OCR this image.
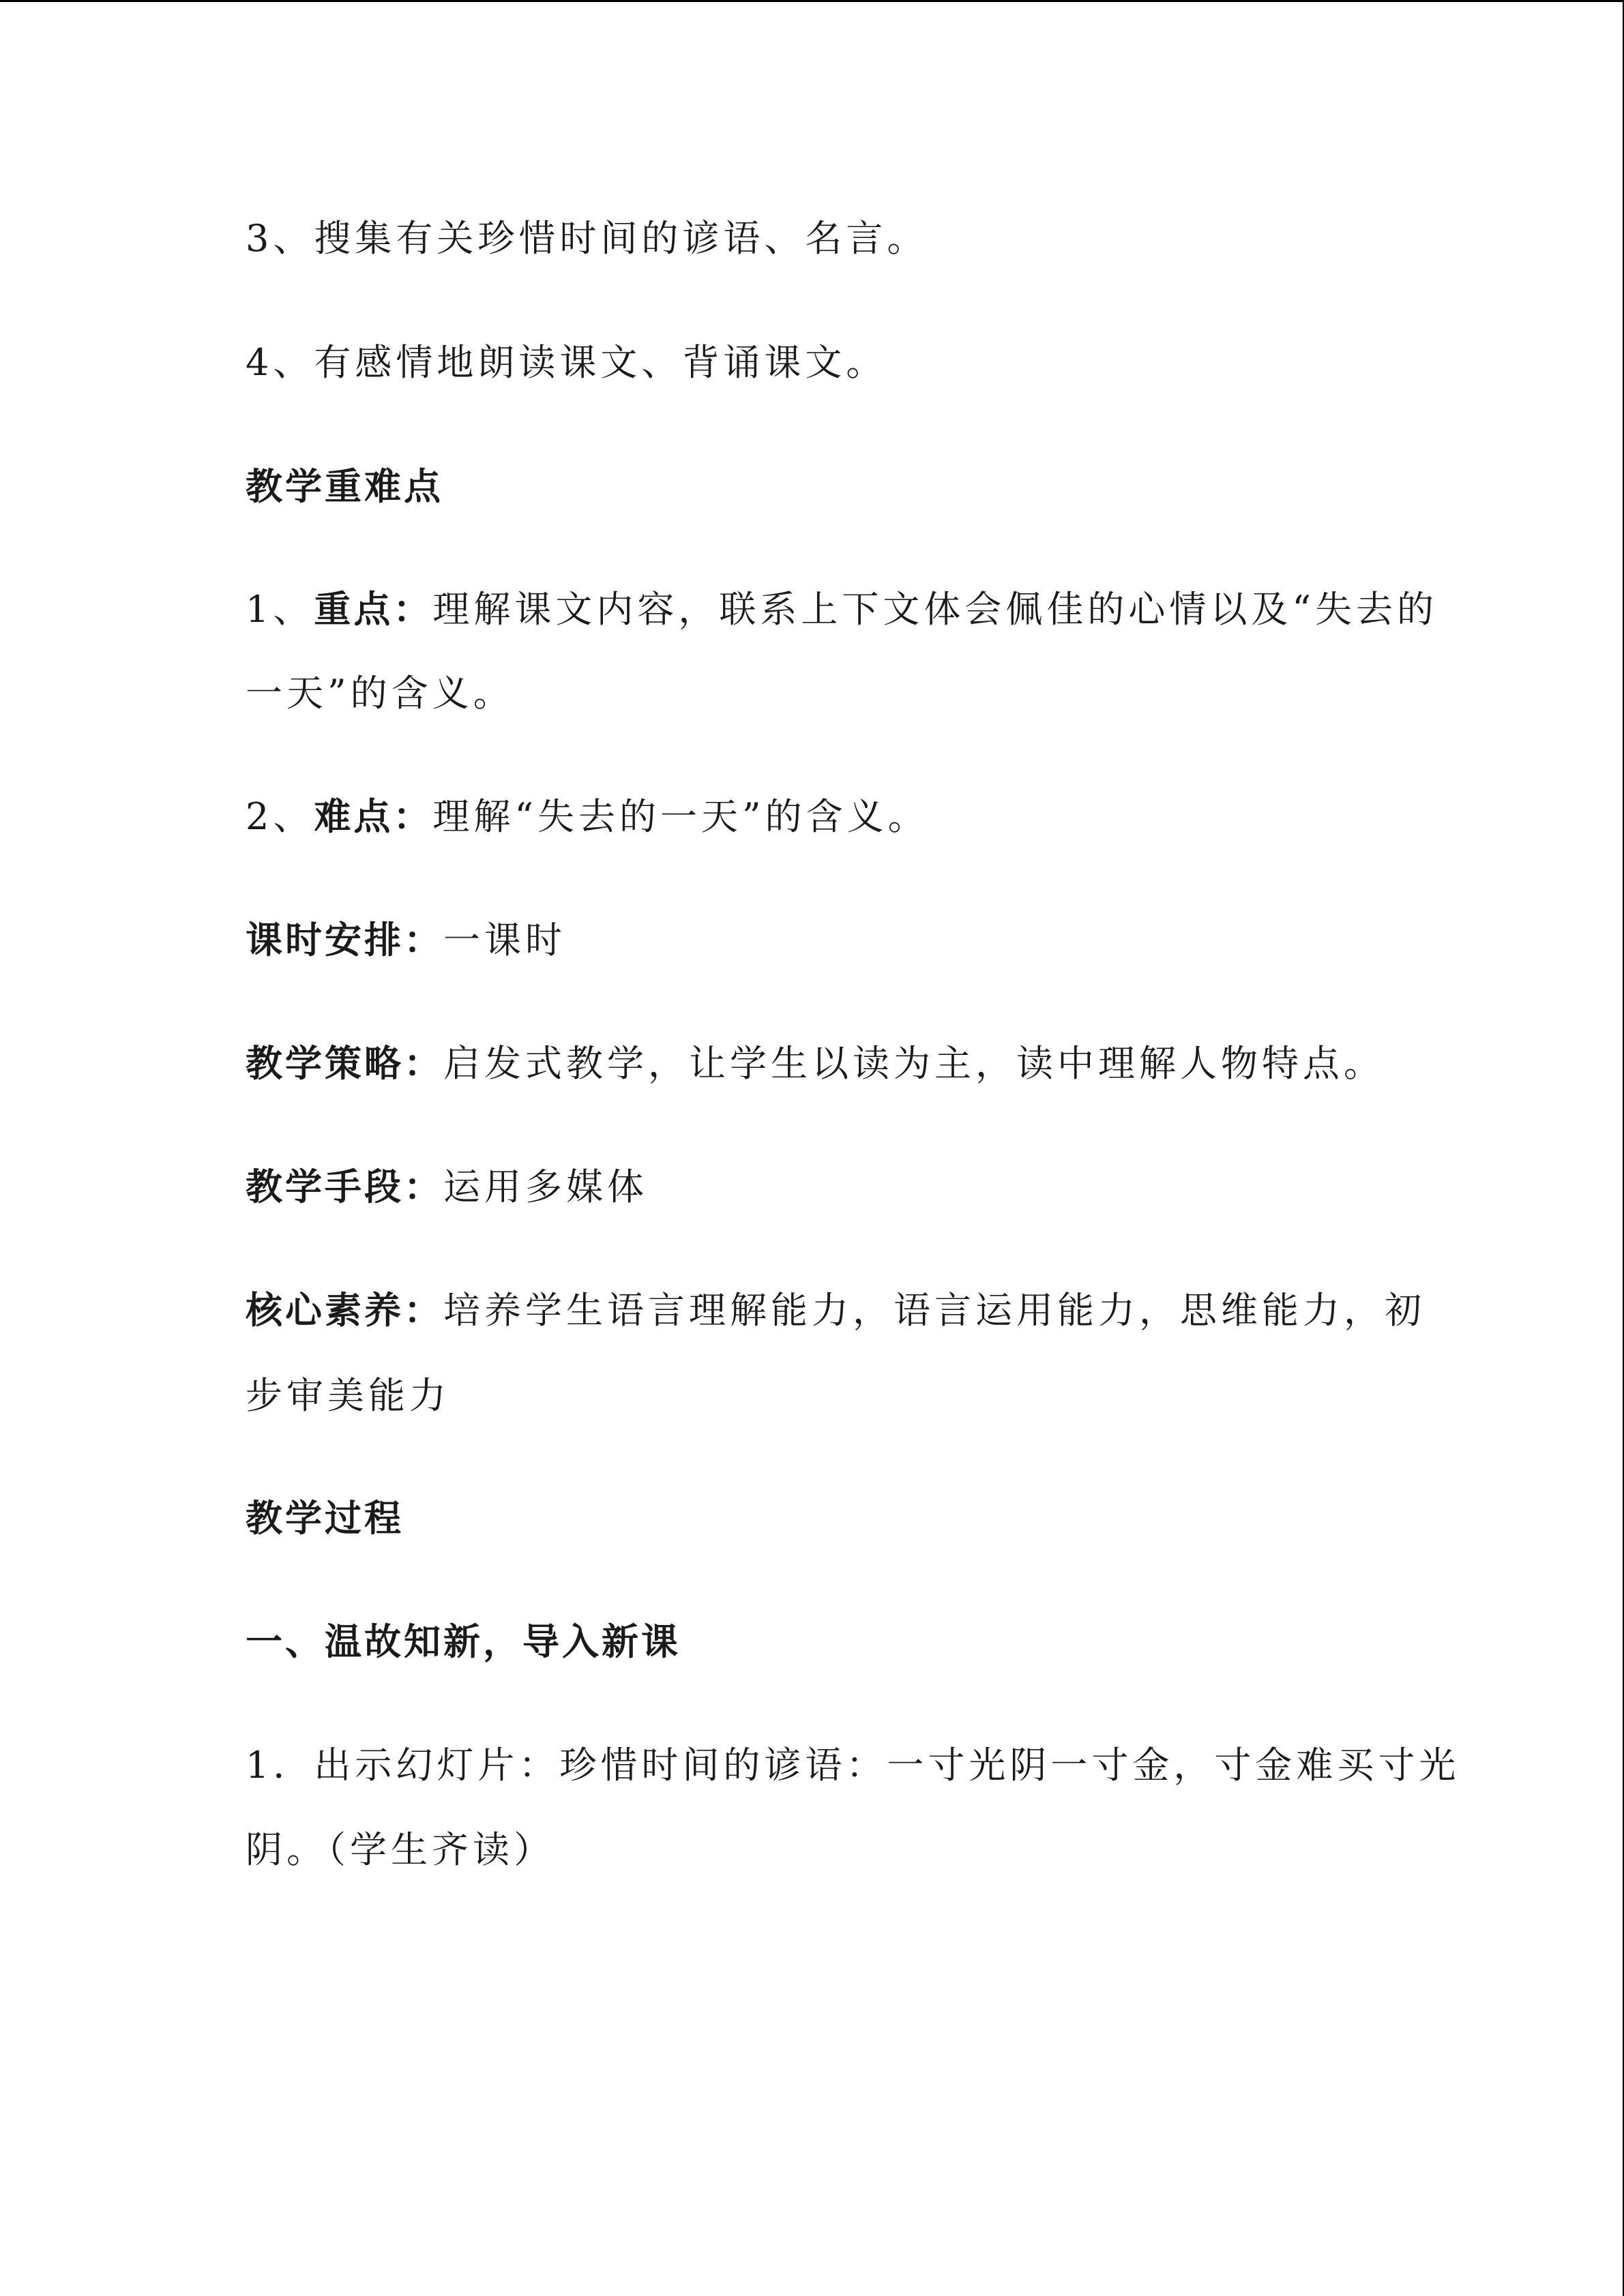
3、搜集有关珍惜时间的谚语、名言。
4、有感情地朗读课文、背诵课文。
教学重难点
1、重点：理解课文内容，联系上下文体会佩佳的心情以及“失去的
一天”的含义。
2、难点：理解“失去的一天”的含义。
课时安排：一课时
教学策略：启发式教学，让学生以读为主，读中理解人物特点。
教学手段：运用多媒体
核心素养：培养学生语言理解能力，语言运用能力，思维能力，初
步审美能力
教学过程
一、温故知新，导入新课
1．出示幻灯片：珍惜时间的谚语：一寸光阴一寸金，寸金难买寸光
阴。（学生齐读）
